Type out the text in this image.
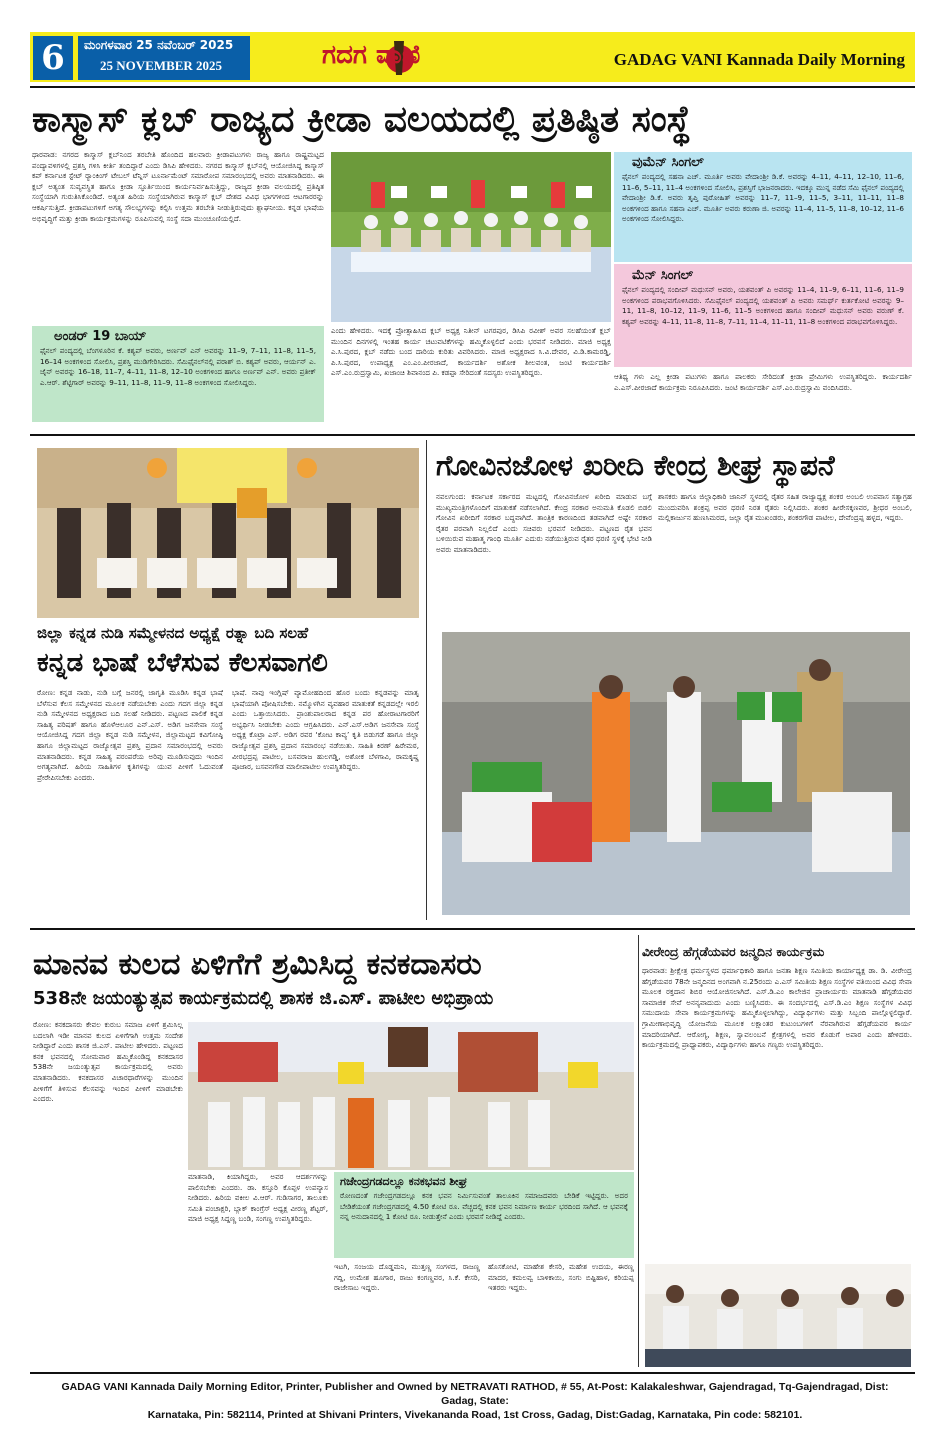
6	ಮಂಗಳವಾರ 25 ನವೆಂಬರ್ 2025
25 NOVEMBER 2025	ಗದಗ ವಾಣಿ	GADAG VANI Kannada Daily Morning
ಕಾಸ್ಮಾಸ್ ಕ್ಲಬ್ ರಾಜ್ಯದ ಕ್ರೀಡಾ ವಲಯದಲ್ಲಿ ಪ್ರತಿಷ್ಠಿತ ಸಂಸ್ಥೆ
ಧಾರವಾಡ: ನಗರದ ಕಾಸ್ಮಾಸ್ ಕ್ಲಬ್‌ನಿಂದ ತರಬೇತಿ ಹೊಂದಿದ ಹಲವಾರು ಕ್ರೀಡಾಪಟುಗಳು ರಾಜ್ಯ ಹಾಗೂ ರಾಷ್ಟ್ರಮಟ್ಟದ ಪಂದ್ಯಾವಳಿಗಳಲ್ಲಿ ಪ್ರಶಸ್ತಿ ಗಳಿಸಿ ಕೀರ್ತಿ ತಂದಿದ್ದಾರೆ ಎಂದು ಡಿಸಿಪಿ ಹೇಳಿದರು. ನಗರದ ಕಾಸ್ಮಾಸ್ ಕ್ಲಬ್‌ನಲ್ಲಿ ಆಯೋಜಿಸಿದ್ದ ಕಾಸ್ಮಾಸ್ ಕಪ್ ಕರ್ನಾಟಕ ಸ್ಟೇಟ್ ರ‍್ಯಾಂಕಿಂಗ್ ಟೇಬಲ್ ಟೆನ್ನಿಸ್ ಟೂರ್ನಾಮೆಂಟ್ ಸಮಾರೋಪ ಸಮಾರಂಭದಲ್ಲಿ ಅವರು ಮಾತನಾಡಿದರು. ಈ ಕ್ಲಬ್ ಅತ್ಯಂತ ಸುವ್ಯವಸ್ಥಿತ ಹಾಗೂ ಕ್ರೀಡಾ ಸ್ಫೂರ್ತಿಯಿಂದ ಕಾರ್ಯನಿರ್ವಹಿಸುತ್ತಿದ್ದು, ರಾಜ್ಯದ ಕ್ರೀಡಾ ವಲಯದಲ್ಲಿ ಪ್ರತಿಷ್ಠಿತ ಸಂಸ್ಥೆಯಾಗಿ ಗುರುತಿಸಿಕೊಂಡಿದೆ. ಅತ್ಯಂತ ಹಿರಿಯ ಸಂಸ್ಥೆಯಾಗಿರುವ ಕಾಸ್ಮಾಸ್ ಕ್ಲಬ್ ದೇಶದ ವಿವಿಧ ಭಾಗಗಳಿಂದ ಆಟಗಾರರನ್ನು ಆಕರ್ಷಿಸುತ್ತಿದೆ. ಕ್ರೀಡಾಪಟುಗಳಿಗೆ ಅಗತ್ಯ ಸೌಲಭ್ಯಗಳನ್ನು ಕಲ್ಪಿಸಿ ಉತ್ತಮ ತರಬೇತಿ ನೀಡುತ್ತಿರುವುದು ಶ್ಲಾಘನೀಯ. ಕನ್ನಡ ಭಾಷೆಯ ಅಭಿವೃದ್ಧಿಗೆ ಮತ್ತು ಕ್ರೀಡಾ ಕಾರ್ಯಕ್ರಮಗಳನ್ನು ರೂಪಿಸುವಲ್ಲಿ ಸಂಸ್ಥೆ ಸದಾ ಮುಂಚೂಣಿಯಲ್ಲಿದೆ.
ವುಮೆನ್ ಸಿಂಗಲ್
ಫೈನಲ್ ಪಂದ್ಯದಲ್ಲಿ ಸಹನಾ ಎಚ್. ಮೂರ್ತಿ ಅವರು ವೇದಾಂಶ್ರೀ ಡಿ.ಕೆ. ಅವರನ್ನು 4–11, 4–11, 12–10, 11–6, 11–6, 5–11, 11–4 ಅಂಕಗಳಿಂದ ಸೋಲಿಸಿ, ಪ್ರಶಸ್ತಿಗೆ ಭಾಜನರಾದರು. ಇದಕ್ಕೂ ಮುನ್ನ ನಡೆದ ಸೆಮಿ ಫೈನಲ್ ಪಂದ್ಯದಲ್ಲಿ ವೇದಾಂಶ್ರೀ ಡಿ.ಕೆ. ಅವರು ತೃಪ್ತಿ ಪುರೋಹಿತ್ ಅವರನ್ನು 11–7, 11–9, 11–5, 3–11, 11–11, 11–8 ಅಂಕಗಳಿಂದ ಹಾಗೂ ಸಹನಾ ಎಚ್. ಮೂರ್ತಿ ಅವರು ಕರುಣಾ ಜಿ. ಅವರನ್ನು 11–4, 11–5, 11–8, 10–12, 11–6 ಅಂಕಗಳಿಂದ ಸೋಲಿಸಿದ್ದರು.
ಮೆನ್ ಸಿಂಗಲ್
ಫೈನಲ್ ಪಂದ್ಯದಲ್ಲಿ ಸಂದೀಪ್ ಮಧುಸನ್ ಅವರು, ಯಶವಂತ್ ಪಿ ಅವರನ್ನು 11–4, 11–9, 6–11, 11–6, 11–9 ಅಂಕಗಳಿಂದ ಪರಾಭವಗೊಳಿಸಿದರು. ಸೆಮಿಫೈನಲ್ ಪಂದ್ಯದಲ್ಲಿ ಯಶವಂತ್ ಪಿ ಅವರು ಸಮರ್ಥ್ ಕುರ್ತಕೋಟಿ ಅವರನ್ನು 9–11, 11–8, 10–12, 11–9, 11–6, 11–5 ಅಂಕಗಳಿಂದ ಹಾಗೂ ಸಂದೀಪ್ ಮಧುಸನ್ ಅವರು ವರುಣ್ ಕೆ. ಕಶ್ಯಪ್ ಅವರನ್ನು 4–11, 11–8, 11–8, 7–11, 11–4, 11–11, 11–8 ಅಂಕಗಳಿಂದ ಪರಾಭವಗೊಳಿಸಿದ್ದರು.
ಅಂಡರ್ 19 ಬಾಯ್
ಫೈನಲ್ ಪಂದ್ಯದಲ್ಲಿ ಬೆಂಗಳೂರಿನ ಕೆ. ಕಶ್ಯಪ್ ಅವರು, ಅರ್ಣವ್ ಎನ್ ಅವರನ್ನು 11–9, 7–11, 11–8, 11–5, 16–14 ಅಂಕಗಳಿಂದ ಸೋಲಿಸಿ, ಪ್ರಶಸ್ತಿ ಮುಡಿಗೇರಿಸಿದರು. ಸೆಮಿಫೈನಲ್‌ನಲ್ಲಿ ಪರಾಶ್ ಬಿ. ಕಶ್ಯಪ್ ಅವರು, ಆರ್ಯನ್ ಎ. ಜೈನ್ ಅವರನ್ನು 16–18, 11–7, 4–11, 11–8, 12–10 ಅಂಕಗಳಿಂದ ಹಾಗೂ ಅರ್ಣವ್ ಎನ್. ಅವರು ಪ್ರತೀಕ್ ಎ.ಆರ್. ಶೆಟ್ಟಿಗಾರ್ ಅವರನ್ನು 9–11, 11–8, 11–9, 11–8 ಅಂಕಗಳಿಂದ ಸೋಲಿಸಿದ್ದರು.
ಎಂದು ಹೇಳಿದರು. ಇದಕ್ಕೆ ಪ್ರೋತ್ಸಾಹಿಸಿದ ಕ್ಲಬ್ ಅಧ್ಯಕ್ಷ ನಿತೀನ್ ಟಗರಪುರ, ಡಿಸಿಪಿ ರವೀಶ್ ಅವರ ಸಲಹೆಯಂತೆ ಕ್ಲಬ್ ಮುಂದಿನ ದಿನಗಳಲ್ಲಿ ಇಂತಹ ಕಾರ್ಯ ಚಟುವಟಿಕೆಗಳನ್ನು ಹಮ್ಮಿಕೊಳ್ಳಲಿದೆ ಎಂದು ಭರವಸೆ ನೀಡಿದರು. ಮಾಜಿ ಅಧ್ಯಕ್ಷ ಎ.ಸಿ.ಪುರದ, ಕ್ಲಬ್ ನಡೆದು ಬಂದ ದಾರಿಯ ಕುರಿತು ವಿವರಿಸಿದರು. ಮಾಜಿ ಅಧ್ಯಕ್ಷರಾದ ಸಿ.ವಿ.ದೇವರ, ವಿ.ಡಿ.ಕಾಮರಡ್ಡಿ, ಪಿ.ಸಿ.ಪುರದ, ಉಪಾಧ್ಯಕ್ಷ ಎಂ.ಎಂ.ಪೀರಜಾದೆ, ಕಾರ್ಯದರ್ಶಿ ಅಶೋಕ ಶೀಲವಂತ, ಜಂಟಿ ಕಾರ್ಯದರ್ಶಿ ಎಸ್.ಎಂ.ರುದ್ರಸ್ವಾಮಿ, ಖಜಾಂಚಿ ಶಿವಾನಂದ ಪಿ. ಕಡಪ್ಪಾ ಸೇರಿದಂತೆ ಸದಸ್ಯರು ಉಪಸ್ಥಿತರಿದ್ದರು.	ಆತಿಥ್ಯ ಗಳು ಎಲ್ಲ ಕ್ರೀಡಾ ಪಟುಗಳು ಹಾಗೂ ಪಾಲಕರು ಸೇರಿದಂತೆ ಕ್ರೀಡಾ ಪ್ರೇಮಿಗಳು ಉಪಸ್ಥಿತರಿದ್ದರು. ಕಾರ್ಯದರ್ಶಿ ಎ.ಎಸ್.ಪೀರಜಾದೆ ಕಾರ್ಯಕ್ರಮ ನಿರೂಪಿಸಿದರು. ಜಂಟಿ ಕಾರ್ಯದರ್ಶಿ ಎಸ್.ಎಂ.ರುದ್ರಸ್ವಾಮಿ ವಂದಿಸಿದರು.
ಜಿಲ್ಲಾ ಕನ್ನಡ ನುಡಿ ಸಮ್ಮೇಳನದ ಅಧ್ಯಕ್ಷೆ ರತ್ನಾ ಬದಿ ಸಲಹೆ
ಕನ್ನಡ ಭಾಷೆ ಬೆಳೆಸುವ ಕೆಲಸವಾಗಲಿ
ರೋಣ: ಕನ್ನಡ ನಾಡು, ನುಡಿ ಬಗ್ಗೆ ಜನರಲ್ಲಿ ಜಾಗೃತಿ ಮೂಡಿಸಿ ಕನ್ನಡ ಭಾಷೆ ಬೆಳೆಸುವ ಕೆಲಸ ಸಮ್ಮೇಳನದ ಮೂಲಕ ನಡೆಯಬೇಕು ಎಂದು ಗದಗ ಜಿಲ್ಲಾ ಕನ್ನಡ ನುಡಿ ಸಮ್ಮೇಳನದ ಅಧ್ಯಕ್ಷರಾದ ಬದಿ ಸಲಹೆ ನೀಡಿದರು. ಪಟ್ಟಣದ ಪಾಲಿಕೆ ಕನ್ನಡ ಸಾಹಿತ್ಯ ಪರಿಷತ್ ಹಾಗೂ ಹೊಳೆಆಲೂರ ಎನ್.ಎಸ್. ಅಡಿಗ ಜನಸೇವಾ ಸಂಸ್ಥೆ ಆಯೋಜಿಸಿದ್ದ ಗದಗ ಜಿಲ್ಲಾ ಕನ್ನಡ ನುಡಿ ಸಮ್ಮೇಳನ, ಜಿಲ್ಲಾಮಟ್ಟದ ಕವಿಗೋಷ್ಠಿ ಹಾಗೂ ಜಿಲ್ಲಾಮಟ್ಟದ ರಾಜ್ಯೋತ್ಸವ ಪ್ರಶಸ್ತಿ ಪ್ರದಾನ ಸಮಾರಂಭದಲ್ಲಿ ಅವರು ಮಾತನಾಡಿದರು. ಕನ್ನಡ ಸಾಹಿತ್ಯ ಪರಂಪರೆಯ ಅರಿವು ಮೂಡಿಸುವುದು ಇಂದಿನ ಅಗತ್ಯವಾಗಿದೆ. ಹಿರಿಯ ಸಾಹಿತಿಗಳ ಕೃತಿಗಳನ್ನು ಯುವ ಪೀಳಿಗೆ ಓದುವಂತೆ ಪ್ರೇರೇಪಿಸಬೇಕು ಎಂದರು.
ಭಾಷೆ. ನಾವು ಇಂಗ್ಲಿಷ್ ವ್ಯಾಮೋಹದಿಂದ ಹೊರ ಬಂದು ಕನ್ನಡವನ್ನು ಮಾತೃ ಭಾಷೆಯಾಗಿ ಪೋಷಿಸಬೇಕು. ನಮ್ಮೊಳಗಿನ ವ್ಯವಹಾರ ಮಾತುಕತೆ ಕನ್ನಡದಲ್ಲೇ ಇರಲಿ ಎಂದು ಒತ್ತಾಯಿಸಿದರು. ಪ್ರಾಂಶುಪಾಲರಾದ ಕನ್ನಡ ಪರ ಹೋರಾಟಗಾರರಿಗೆ ಅಭ್ಯರ್ಥಿಸಿ ನೀಡಬೇಕು ಎಂದು ಆಗ್ರಹಿಸಿದರು. ಎನ್.ಎಸ್.ಅಡಿಗ ಜನಸೇವಾ ಸಂಸ್ಥೆ ಅಧ್ಯಕ್ಷ ಕೊಟ್ರಾ ಎಸ್. ಅಡಿಗ ರವರ ‘ಕೋಟ ಕಾವ್ಯ’ ಕೃತಿ ಬಿಡುಗಡೆ ಹಾಗೂ ಜಿಲ್ಲಾ ರಾಜ್ಯೋತ್ಸವ ಪ್ರಶಸ್ತಿ ಪ್ರದಾನ ಸಮಾರಂಭ ನಡೆಯಿತು. ಸಾಹಿತಿ ಕಿರಣ್ ಹಿರೇಮಠ, ವೀರಭದ್ರಪ್ಪ ಪಾಟೀಲ, ಬಸವರಾಜ ಹುಲಗಡ್ಡಿ, ಅಶೋಕ ಬೆಳಗಾವಿ, ರಾಮಕೃಷ್ಣ ಪೂಜಾರ, ಬಸವನಗೌಡ ಮಾಲೀಪಾಟೀಲ ಉಪಸ್ಥಿತರಿದ್ದರು.
ಗೋವಿನಜೋಳ ಖರೀದಿ ಕೇಂದ್ರ ಶೀಘ್ರ ಸ್ಥಾಪನೆ
ನವಲಗುಂದ: ಕರ್ನಾಟಕ ಸರ್ಕಾರದ ಮಟ್ಟದಲ್ಲಿ ಗೋವಿನಜೋಳ ಖರೀದಿ ಮಾಡುವ ಬಗ್ಗೆ ಮುಖ್ಯಮಂತ್ರಿಗಳೊಂದಿಗೆ ಮಾತುಕತೆ ನಡೆಸಲಾಗಿದೆ. ಕೇಂದ್ರ ಸರಕಾರ ಅನುಮತಿ ಕೊಡಲಿ ಬಿಡಲಿ ಗೋವಿನ ಖರೀದಿಗೆ ಸರಕಾರ ಬದ್ಧವಾಗಿದೆ. ತಾಂತ್ರಿಕ ಕಾರಣದಿಂದ ತಡವಾಗಿದೆ ಅಷ್ಟೇ ಸರಕಾರ ರೈತರ ಪರವಾಗಿ ನಿಲ್ಲಲಿದೆ ಎಂದು ಸಚಿವರು ಭರವಸೆ ನೀಡಿದರು. ಪಟ್ಟಣದ ರೈತ ಭವನ ಬಳಿಯಿರುವ ಮಹಾತ್ಮ ಗಾಂಧಿ ಮೂರ್ತಿ ಎದುರು ನಡೆಯುತ್ತಿರುವ ರೈತರ ಧರಣಿ ಸ್ಥಳಕ್ಕೆ ಭೇಟಿ ನೀಡಿ ಅವರು ಮಾತನಾಡಿದರು.
ಶಾಸಕರು ಹಾಗೂ ಜಿಲ್ಲಾಧಿಕಾರಿ ಜಾನಿನ್ ಸ್ಥಳದಲ್ಲಿ ರೈತರ ಸಹಿತ ರಾಜ್ಯಾಧ್ಯಕ್ಷ ಶಂಕರ ಅಂಬಲಿ ಉಪವಾಸ ಸತ್ಯಾಗ್ರಹ ಮುಂದುವರಿಸಿ ಶಂಕ್ರಪ್ಪ ಅವರ ಧರಣಿ ನಿರತ ರೈತರು ನಿಲ್ಲಿಸಿದರು. ಶಂಕರ ಹೀರೇಸಕ್ಕಣವರ, ಶ್ರೀಧರ ಅಂಬಲಿ, ಮಲ್ಲಿಕಾರ್ಜುನ ಹುಣಸಿಮರದ, ಜಲ್ಲಾ ರೈತ ಮುಖಂಡರು, ಶಂಕರಗೌಡ ಪಾಟೀಲ, ದೇವೆಂದ್ರಪ್ಪ ಹಳ್ಳದ, ಇದ್ದರು.
ಮಾನವ ಕುಲದ ಏಳಿಗೆಗೆ ಶ್ರಮಿಸಿದ್ದ ಕನಕದಾಸರು
538ನೇ ಜಯಂತ್ಯುತ್ಸವ ಕಾರ್ಯಕ್ರಮದಲ್ಲಿ ಶಾಸಕ ಜಿ.ಎಸ್. ಪಾಟೀಲ ಅಭಿಪ್ರಾಯ
ರೋಣ: ಕನಕದಾಸರು ಕೇವಲ ಕುರುಬ ಸಮಾಜ ಏಳಿಗೆ ಶ್ರಮಿಸಿಲ್ಲ ಬದಲಾಗಿ ಇಡೀ ಮಾನವ ಕುಲದ ಏಳಿಗೆಗಾಗಿ ಉತ್ತಮ ಸಂದೇಶ ನೀಡಿದ್ದಾರೆ ಎಂದು ಶಾಸಕ ಜಿ.ಎಸ್. ಪಾಟೀಲ ಹೇಳಿದರು. ಪಟ್ಟಣದ ಕನಕ ಭವನದಲ್ಲಿ ಸೋಮವಾರ ಹಮ್ಮಿಕೊಂಡಿದ್ದ ಕನಕದಾಸರ 538ನೇ ಜಯಂತ್ಯುತ್ಸವ ಕಾರ್ಯಕ್ರಮದಲ್ಲಿ ಅವರು ಮಾತನಾಡಿದರು. ಕನಕದಾಸರ ವಿಚಾರಧಾರೆಗಳನ್ನು ಮುಂದಿನ ಪೀಳಿಗೆಗೆ ತಿಳಿಸುವ ಕೆಲಸವನ್ನು ಇಂದಿನ ಪೀಳಿಗೆ ಮಾಡಬೇಕು ಎಂದರು.
ಮಾತನಾಡಿ, ಕಿಯಾಗಿದ್ದರು, ಅವರ ಆದರ್ಶಗಳನ್ನು ಪಾಲಿಸಬೇಕು ಎಂದರು. ಡಾ. ಕಸ್ತೂರಿ ಕೊಪ್ಪಳ ಉಪನ್ಯಾಸ ನೀಡಿದರು. ಹಿರಿಯ ವಕೀಲ ವಿ.ಆರ್. ಗುಡಿಸಾಗರ, ತಾಲೂಕು ಸಮಿತಿ ಪಂಚಾಕ್ಷರಿ, ಬ್ಲಾಕ್ ಕಾಂಗ್ರೆಸ್ ಅಧ್ಯಕ್ಷ ವೀರಣ್ಣ ಶೆಟ್ಟರ್, ಮಾಜಿ ಅಧ್ಯಕ್ಷ ಸಿದ್ದಣ್ಣ ಬಂಡಿ, ಸಂಗಣ್ಣ ಉಪಸ್ಥಿತರಿದ್ದರು.
ಗಜೇಂದ್ರಗಡದಲ್ಲೂ ಕನಕಭವನ ಶೀಘ್ರ
ರೋಣದಂತೆ ಗಜೇಂದ್ರಗಡದಲ್ಲೂ ಕನಕ ಭವನ ನಿರ್ಮಿಸುವಂತೆ ತಾಲೂಕಿನ ಸಮಾಜದವರು ಬೇಡಿಕೆ ಇಟ್ಟಿದ್ದರು. ಅದರ ಬೇಡಿಕೆಯಂತೆ ಗಜೇಂದ್ರಗಡದಲ್ಲಿ 4.50 ಕೋಟಿ ರೂ. ವೆಚ್ಚದಲ್ಲಿ ಕನಕ ಭವನ ನಿರ್ಮಾಣ ಕಾರ್ಯ ಭರದಿಂದ ಸಾಗಿದೆ. ಆ ಭವನಕ್ಕೆ ನನ್ನ ಅನುದಾನದಲ್ಲಿ 1 ಕೋಟಿ ರೂ. ನೀಡುತ್ತೇನೆ ಎಂದು ಭರವಸೆ ನೀಡಿದ್ದೆ ಎಂದರು.
ಇಟಗಿ, ಸಂಜಯ ದೊಡ್ಡಮನಿ, ಮುತ್ತಣ್ಣ ಸಂಗಳದ, ರಾಜಣ್ಣ ಗದ್ದಿ, ಉಮೇಶ ಹೂಗಾರ, ರಾಜು ಕಂಗಣ್ಣವರ, ಸಿ.ಕೆ. ಕೇಸರಿ, ರಾಜೇಸಾಬ ಇದ್ದರು.
ಹೊಸಕೋಟಿ, ಮಾಹೇಶ ಕೇಸರಿ, ಮಹೇಶ ಉದಯ, ಈರಣ್ಣ ಮಾದರ, ಕಮಲವ್ವ ಬಾಳಿಕಾಯಿ, ಸಂಗು ಬಿಷ್ಟಿಹಾಳ, ಕರಿಯಪ್ಪ ಇತರರು ಇದ್ದರು.
ವೀರೇಂದ್ರ ಹೆಗ್ಗಡೆಯವರ ಜನ್ಮದಿನ ಕಾರ್ಯಕ್ರಮ
ಧಾರವಾಡ: ಶ್ರೀಕ್ಷೇತ್ರ ಧರ್ಮಸ್ಥಳದ ಧರ್ಮಾಧಿಕಾರಿ ಹಾಗೂ ಜನತಾ ಶಿಕ್ಷಣ ಸಮಿತಿಯ ಕಾರ್ಯಾಧ್ಯಕ್ಷ ಡಾ. ಡಿ. ವೀರೇಂದ್ರ ಹೆಗ್ಗಡೆಯವರ 78ನೇ ಜನ್ಮದಿನದ ಅಂಗವಾಗಿ ನ.25ರಂದು ಎ.ಎಸ್ ಸಮಿತಿಯ ಶಿಕ್ಷಣ ಸಂಸ್ಥೆಗಳ ವತಿಯಿಂದ ವಿವಿಧ ಸೇವಾ ಮೂಲಕ ರಕ್ತದಾನ ಶಿಬಿರ ಆಯೋಜಿಸಲಾಗಿದೆ. ಎಸ್.ಡಿ.ಎಂ ಕಾಲೇಜಿನ ಪ್ರಾಚಾರ್ಯರು ಮಾತನಾಡಿ ಹೆಗ್ಗಡೆಯವರ ಸಾಮಾಜಿಕ ಸೇವೆ ಅನನ್ಯವಾದುದು ಎಂದು ಬಣ್ಣಿಸಿದರು. ಈ ಸಂದರ್ಭದಲ್ಲಿ ಎಸ್.ಡಿ.ಎಂ ಶಿಕ್ಷಣ ಸಂಸ್ಥೆಗಳ ವಿವಿಧ ಸಮುದಾಯ ಸೇವಾ ಕಾರ್ಯಕ್ರಮಗಳನ್ನು ಹಮ್ಮಿಕೊಳ್ಳಲಾಗಿದ್ದು, ವಿದ್ಯಾರ್ಥಿಗಳು ಮತ್ತು ಸಿಬ್ಬಂದಿ ಪಾಲ್ಗೊಳ್ಳಲಿದ್ದಾರೆ. ಗ್ರಾಮೀಣಾಭಿವೃದ್ಧಿ ಯೋಜನೆಯ ಮೂಲಕ ಲಕ್ಷಾಂತರ ಕುಟುಂಬಗಳಿಗೆ ನೆರವಾಗಿರುವ ಹೆಗ್ಗಡೆಯವರ ಕಾರ್ಯ ಮಾದರಿಯಾಗಿದೆ. ಆರೋಗ್ಯ, ಶಿಕ್ಷಣ, ಸ್ವಾವಲಂಬನೆ ಕ್ಷೇತ್ರಗಳಲ್ಲಿ ಅವರ ಕೊಡುಗೆ ಅಪಾರ ಎಂದು ಹೇಳಿದರು. ಕಾರ್ಯಕ್ರಮದಲ್ಲಿ ಪ್ರಾಧ್ಯಾಪಕರು, ವಿದ್ಯಾರ್ಥಿಗಳು ಹಾಗೂ ಗಣ್ಯರು ಉಪಸ್ಥಿತರಿದ್ದರು.
GADAG VANI Kannada Daily Morning Editor, Printer, Publisher and Owned by NETRAVATI RATHOD, # 55, At-Post: Kalakaleshwar, Gajendragad, Tq-Gajendragad, Dist: Gadag, State:
Karnataka, Pin: 582114, Printed at Shivani Printers, Vivekananda Road, 1st Cross, Gadag, Dist:Gadag, Karnataka, Pin code: 582101.
